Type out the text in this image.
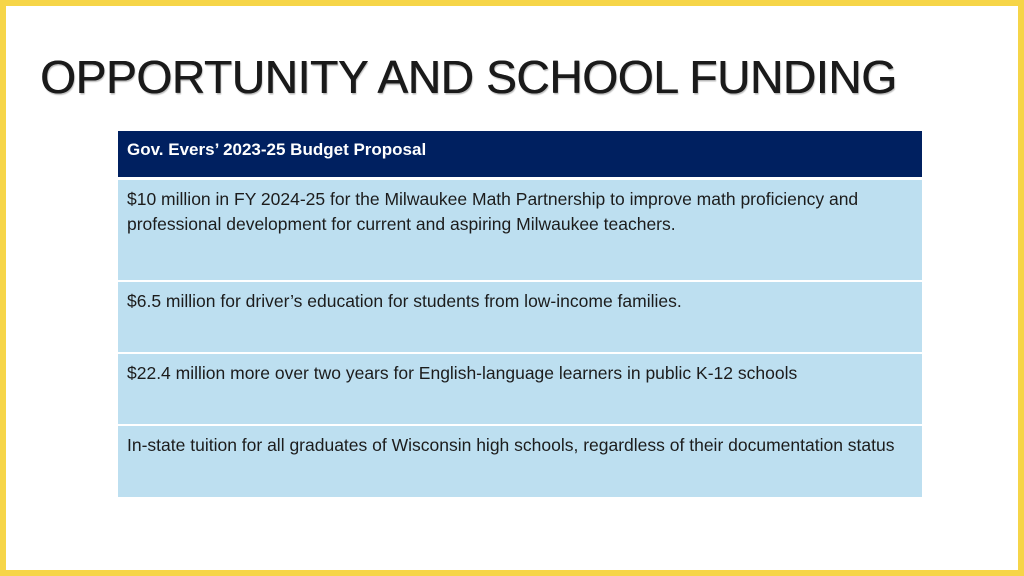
OPPORTUNITY AND SCHOOL FUNDING
Gov. Evers’ 2023-25 Budget Proposal
$10 million in FY 2024-25 for the Milwaukee Math Partnership to improve math proficiency and professional development for current and aspiring Milwaukee teachers.
$6.5 million for driver’s education for students from low-income families.
$22.4 million more over two years for English-language learners in public K-12 schools
In-state tuition for all graduates of Wisconsin high schools, regardless of their documentation status
